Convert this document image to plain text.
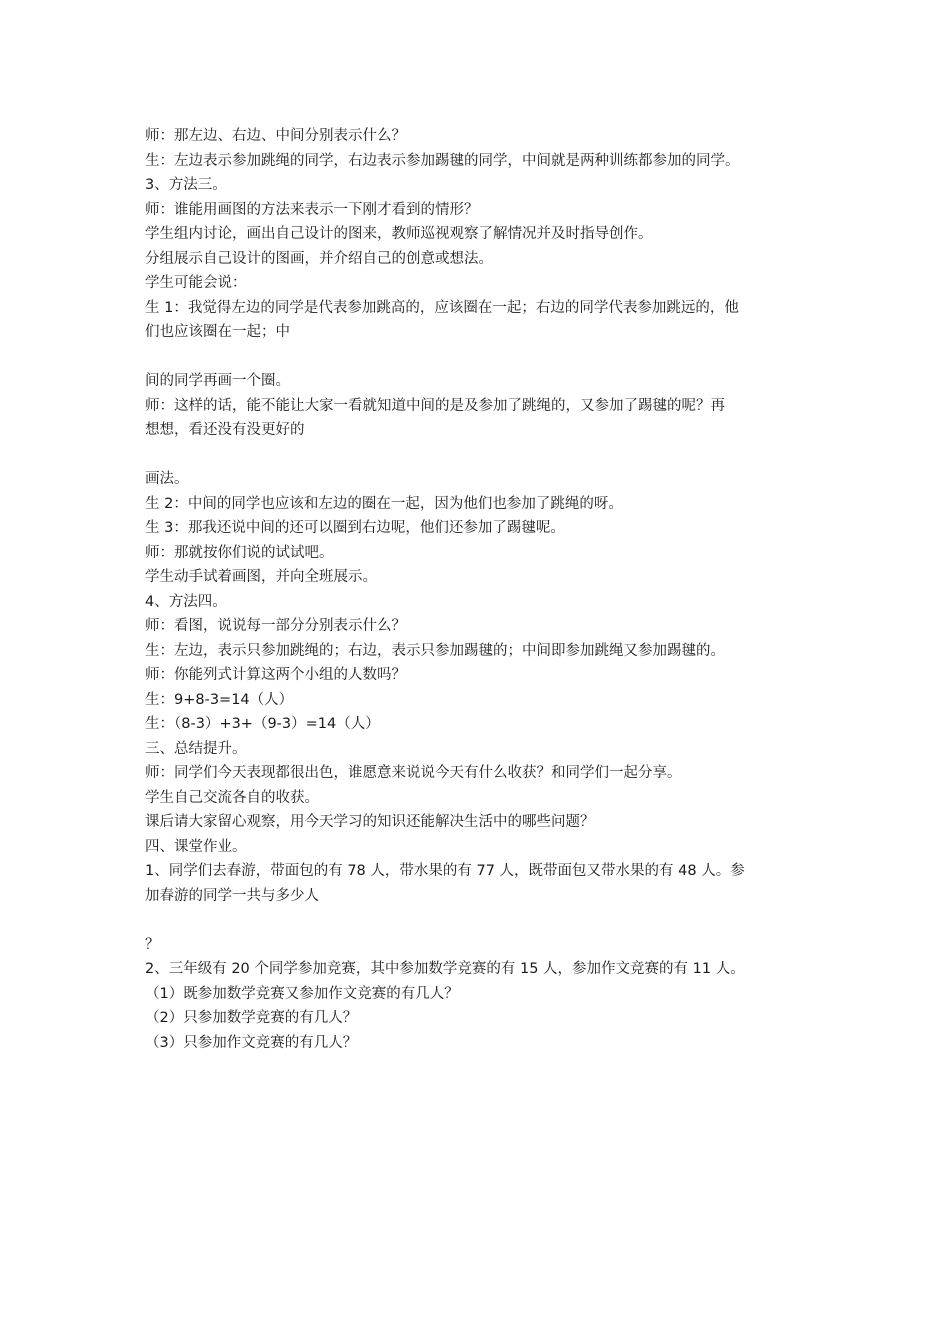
师：那左边、右边、中间分别表示什么？
生：左边表示参加跳绳的同学，右边表示参加踢毽的同学，中间就是两种训练都参加的同学。
3、方法三。
师：谁能用画图的方法来表示一下刚才看到的情形？
学生组内讨论，画出自己设计的图来，教师巡视观察了解情况并及时指导创作。
分组展示自己设计的图画，并介绍自己的创意或想法。
学生可能会说：
生 1：我觉得左边的同学是代表参加跳高的，应该圈在一起；右边的同学代表参加跳远的，他
们也应该圈在一起；中
间的同学再画一个圈。
师：这样的话，能不能让大家一看就知道中间的是及参加了跳绳的，又参加了踢毽的呢？再
想想，看还没有没更好的
画法。
生 2：中间的同学也应该和左边的圈在一起，因为他们也参加了跳绳的呀。
生 3：那我还说中间的还可以圈到右边呢，他们还参加了踢毽呢。
师：那就按你们说的试试吧。
学生动手试着画图，并向全班展示。
4、方法四。
师：看图，说说每一部分分别表示什么？
生：左边，表示只参加跳绳的；右边，表示只参加踢毽的；中间即参加跳绳又参加踢毽的。
师：你能列式计算这两个小组的人数吗？
生：9+8-3=14（人）
生：（8-3）+3+（9-3）=14（人）
三、总结提升。
师：同学们今天表现都很出色，谁愿意来说说今天有什么收获？和同学们一起分享。
学生自己交流各自的收获。
课后请大家留心观察，用今天学习的知识还能解决生活中的哪些问题？
四、课堂作业。
1、同学们去春游，带面包的有 78 人，带水果的有 77 人，既带面包又带水果的有 48 人。参
加春游的同学一共与多少人
？
2、三年级有 20 个同学参加竞赛，其中参加数学竞赛的有 15 人，参加作文竞赛的有 11 人。
（1）既参加数学竞赛又参加作文竞赛的有几人？
（2）只参加数学竞赛的有几人？
（3）只参加作文竞赛的有几人？
